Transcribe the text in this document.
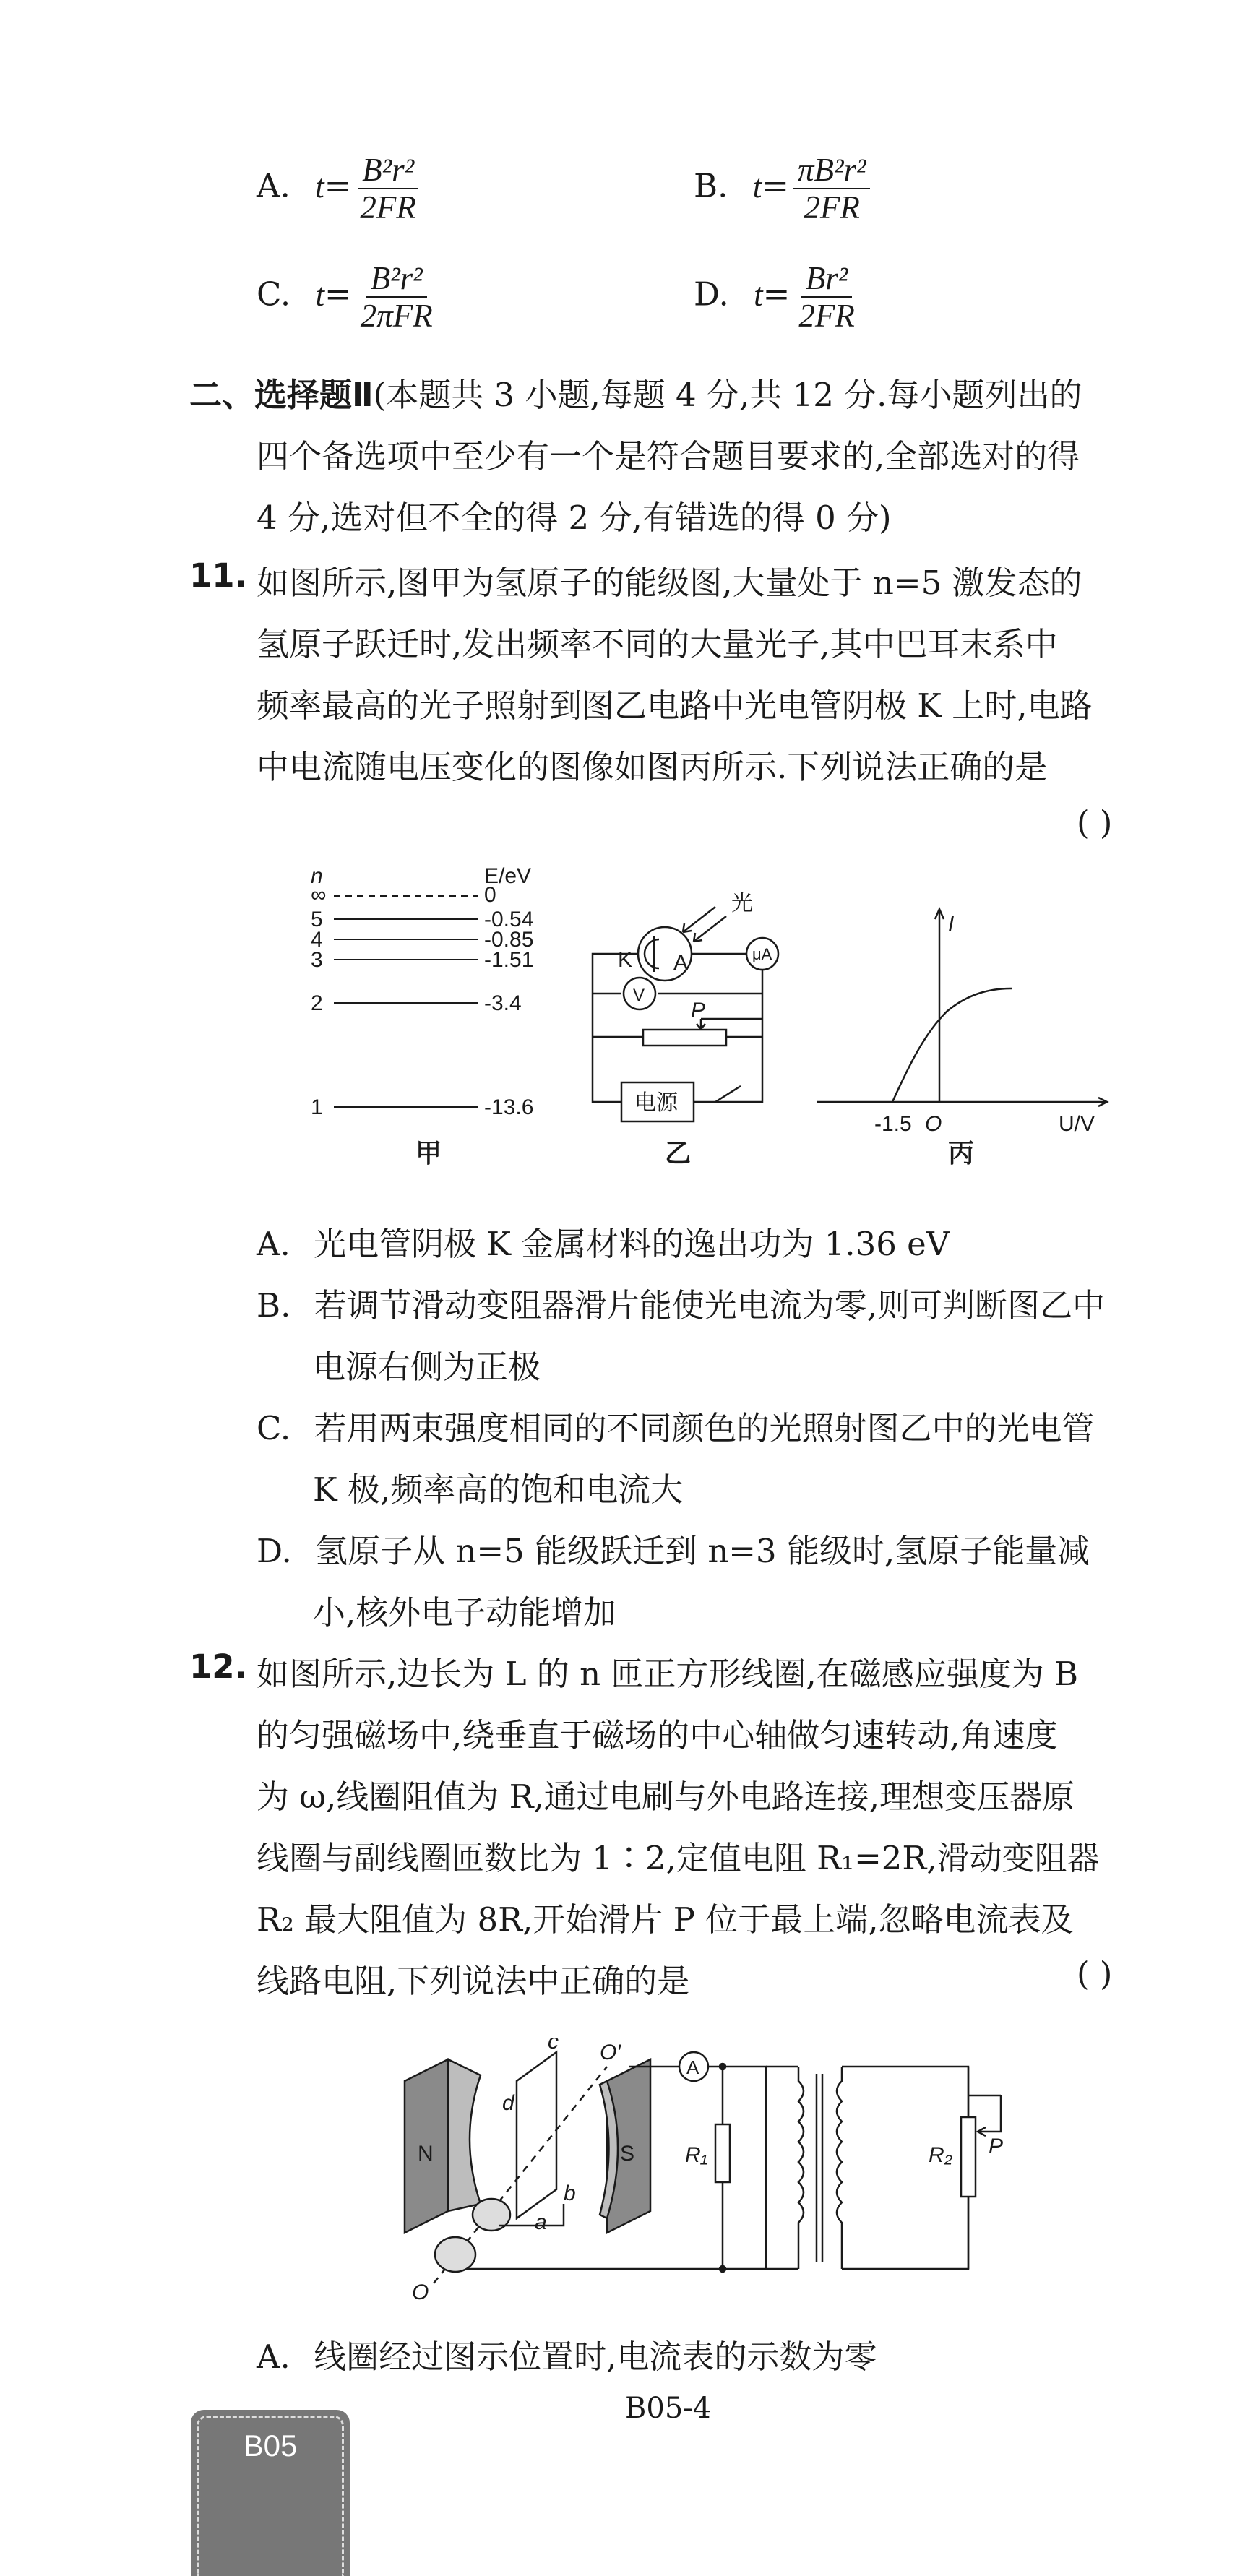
A. $t= \frac{\text{B²r²}}{2FR}$	B. $t= \frac{\text{πB²r²}}{2FR}$
C. $t= \frac{\text{B²r²}}{\text{2πFR}}$	D. $t= \frac{\text{Br²}}{2FR}$
二、选择题Ⅱ(本题共 3 小题,每题 4 分,共 12 分.每小题列出的
四个备选项中至少有一个是符合题目要求的,全部选对的得
4 分,选对但不全的得 2 分,有错选的得 0 分)
11. 如图所示,图甲为氢原子的能级图,大量处于 n=5 激发态的
氢原子跃迁时,发出频率不同的大量光子,其中巴耳末系中
频率最高的光子照射到图乙电路中光电管阴极 K 上时,电路
中电流随电压变化的图像如图丙所示.下列说法正确的是
( )
n	E/eV
∞	0
5	-0.54
4	-0.85
3	-1.51
2	-3.4
1	-13.6
甲
光
K A
V
μA
P
电源
乙
I
U/V
O
-1.5
丙
A. 光电管阴极 K 金属材料的逸出功为 1.36 eV
B. 若调节滑动变阻器滑片能使光电流为零,则可判断图乙中
电源右侧为正极
C. 若用两束强度相同的不同颜色的光照射图乙中的光电管
K 极,频率高的饱和电流大
D. 氢原子从 n=5 能级跃迁到 n=3 能级时,氢原子能量减
小,核外电子动能增加
12. 如图所示,边长为 L 的 n 匝正方形线圈,在磁感应强度为 B
的匀强磁场中,绕垂直于磁场的中心轴做匀速转动,角速度
为 ω,线圈阻值为 R,通过电刷与外电路连接,理想变压器原
线圈与副线圈匝数比为 1∶2,定值电阻 R₁=2R,滑动变阻器
R₂ 最大阻值为 8R,开始滑片 P 位于最上端,忽略电流表及
线路电阻,下列说法中正确的是	( )
N	S
c
d
b
a
O
O′
A
R₁	R₂ P
A. 线圈经过图示位置时,电流表的示数为零
B05-4
B05
